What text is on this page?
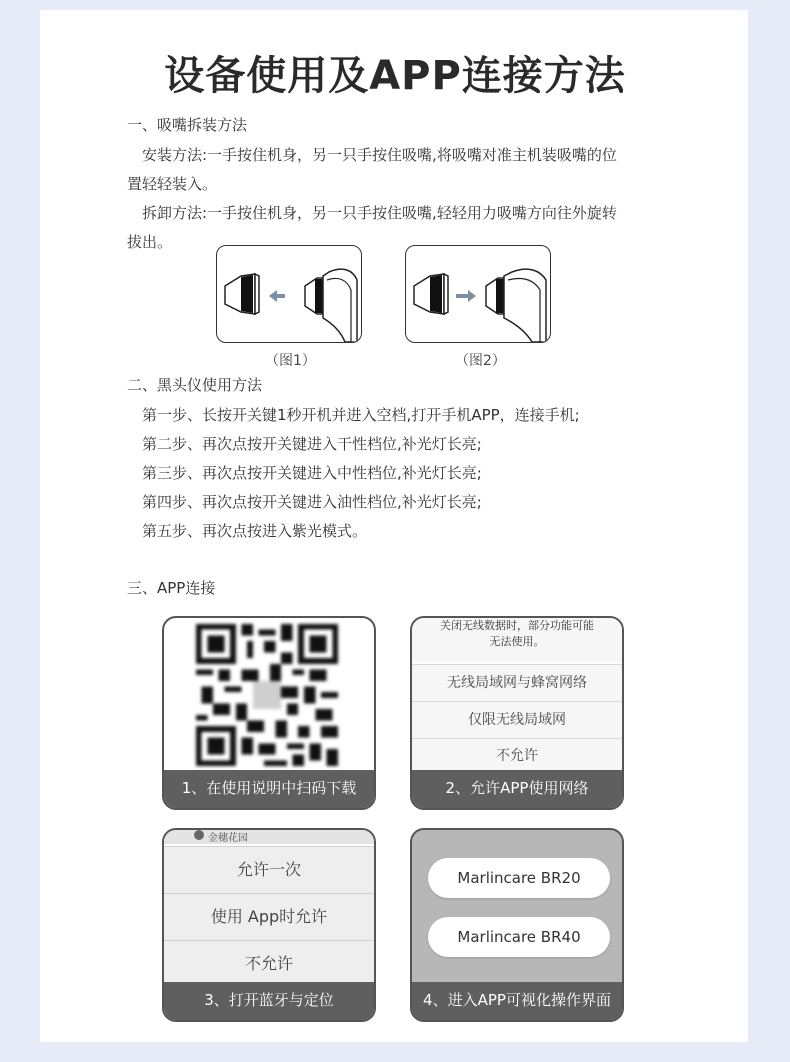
设备使用及APP连接方法
一、吸嘴拆装方法
安装方法:一手按住机身，另一只手按住吸嘴,将吸嘴对准主机装吸嘴的位
置轻轻装入。
拆卸方法:一手按住机身，另一只手按住吸嘴,轻轻用力吸嘴方向往外旋转
拔出。
（图1）	（图2）
二、黑头仪使用方法
第一步、长按开关键1秒开机并进入空档,打开手机APP，连接手机;
第二步、再次点按开关键进入干性档位,补光灯长亮;
第三步、再次点按开关键进入中性档位,补光灯长亮;
第四步、再次点按开关键进入油性档位,补光灯长亮;
第五步、再次点按进入紫光模式。
三、APP连接
1、在使用说明中扫码下载
关闭无线数据时，部分功能可能
无法使用。
无线局域网与蜂窝网络
仅限无线局域网
不允许
2、允许APP使用网络
金穗花园
允许一次
使用 App时允许
不允许
3、打开蓝牙与定位
Marlincare BR20
Marlincare BR40
4、进入APP可视化操作界面
